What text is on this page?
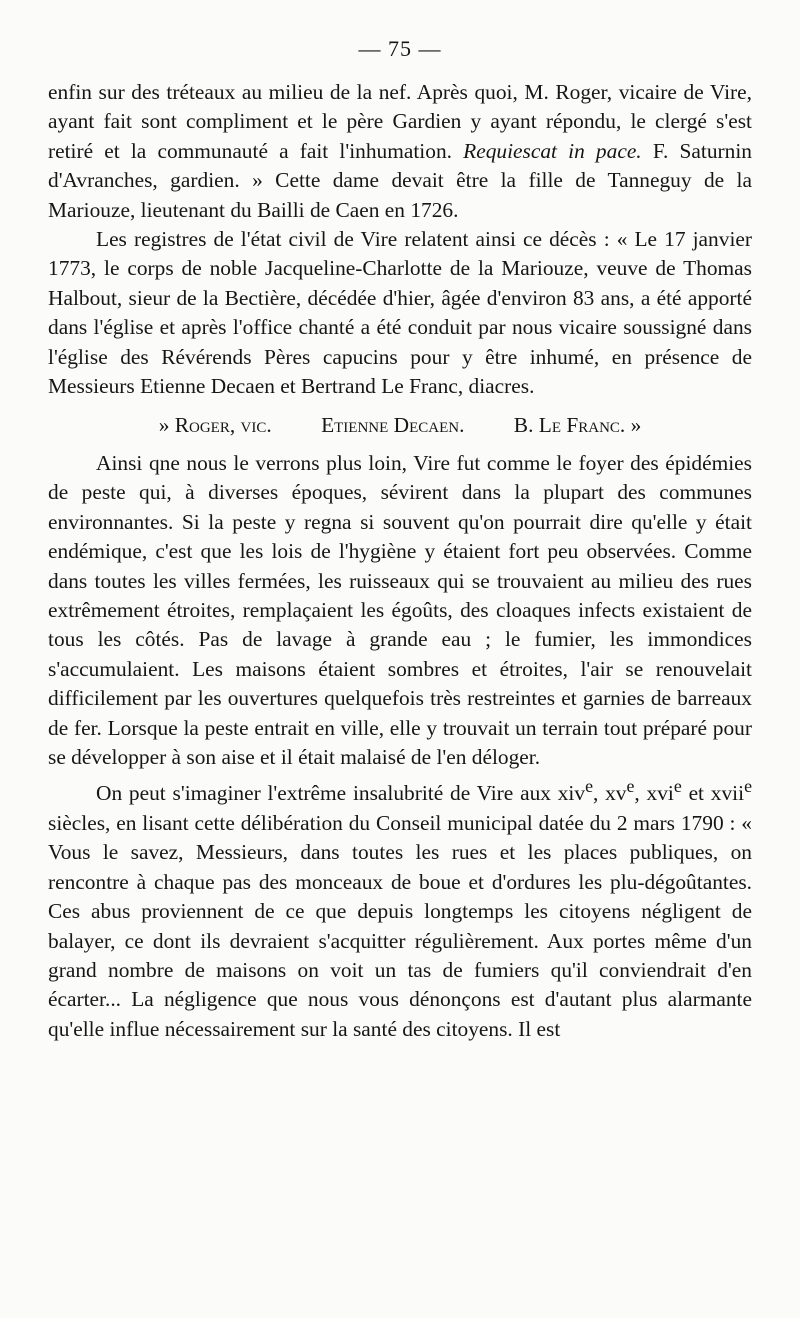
— 75 —

enfin sur des tréteaux au milieu de la nef. Après quoi, M. Roger, vicaire de Vire, ayant fait sont compliment et le père Gardien y ayant répondu, le clergé s'est retiré et la communauté a fait l'inhumation. Requiescat in pace. F. Saturnin d'Avranches, gardien. » Cette dame devait être la fille de Tanneguy de la Mariouze, lieutenant du Bailli de Caen en 1726.

Les registres de l'état civil de Vire relatent ainsi ce décès : « Le 17 janvier 1773, le corps de noble Jacqueline-Charlotte de la Mariouze, veuve de Thomas Halbout, sieur de la Bectière, décédée d'hier, âgée d'environ 83 ans, a été apporté dans l'église et après l'office chanté a été conduit par nous vicaire soussigné dans l'église des Révérends Pères capucins pour y être inhumé, en présence de Messieurs Etienne Decaen et Bertrand Le Franc, diacres.

» Roger, vic. Etienne Decaen. B. Le Franc. »

Ainsi qne nous le verrons plus loin, Vire fut comme le foyer des épidémies de peste qui, à diverses époques, sévirent dans la plupart des communes environnantes. Si la peste y regna si souvent qu'on pourrait dire qu'elle y était endémique, c'est que les lois de l'hygiène y étaient fort peu observées. Comme dans toutes les villes fermées, les ruisseaux qui se trouvaient au milieu des rues extrêmement étroites, remplaçaient les égoûts, des cloaques infects existaient de tous les côtés. Pas de lavage à grande eau ; le fumier, les immondices s'accumulaient. Les maisons étaient sombres et étroites, l'air se renouvelait difficilement par les ouvertures quelquefois très restreintes et garnies de barreaux de fer. Lorsque la peste entrait en ville, elle y trouvait un terrain tout préparé pour se développer à son aise et il était malaisé de l'en déloger.

On peut s'imaginer l'extrême insalubrité de Vire aux xiv$^e$, $xv^e$, xvi$^e$ et xvii$^e$ siècles, en lisant cette délibération du Conseil municipal datée du 2 mars 1790 : « Vous le savez, Messieurs, dans toutes les rues et les places publiques, on rencontre à chaque pas des monceaux de boue et d'ordures les plu-dégoûtantes. Ces abus proviennent de ce que depuis longtemps les citoyens négligent de balayer, ce dont ils devraient s'acquitter régulièrement. Aux portes même d'un grand nombre de maisons on voit un tas de fumiers qu'il conviendrait d'en écarter... La négligence que nous vous dénonçons est d'autant plus alarmante qu'elle influe nécessairement sur la santé des citoyens. Il est
